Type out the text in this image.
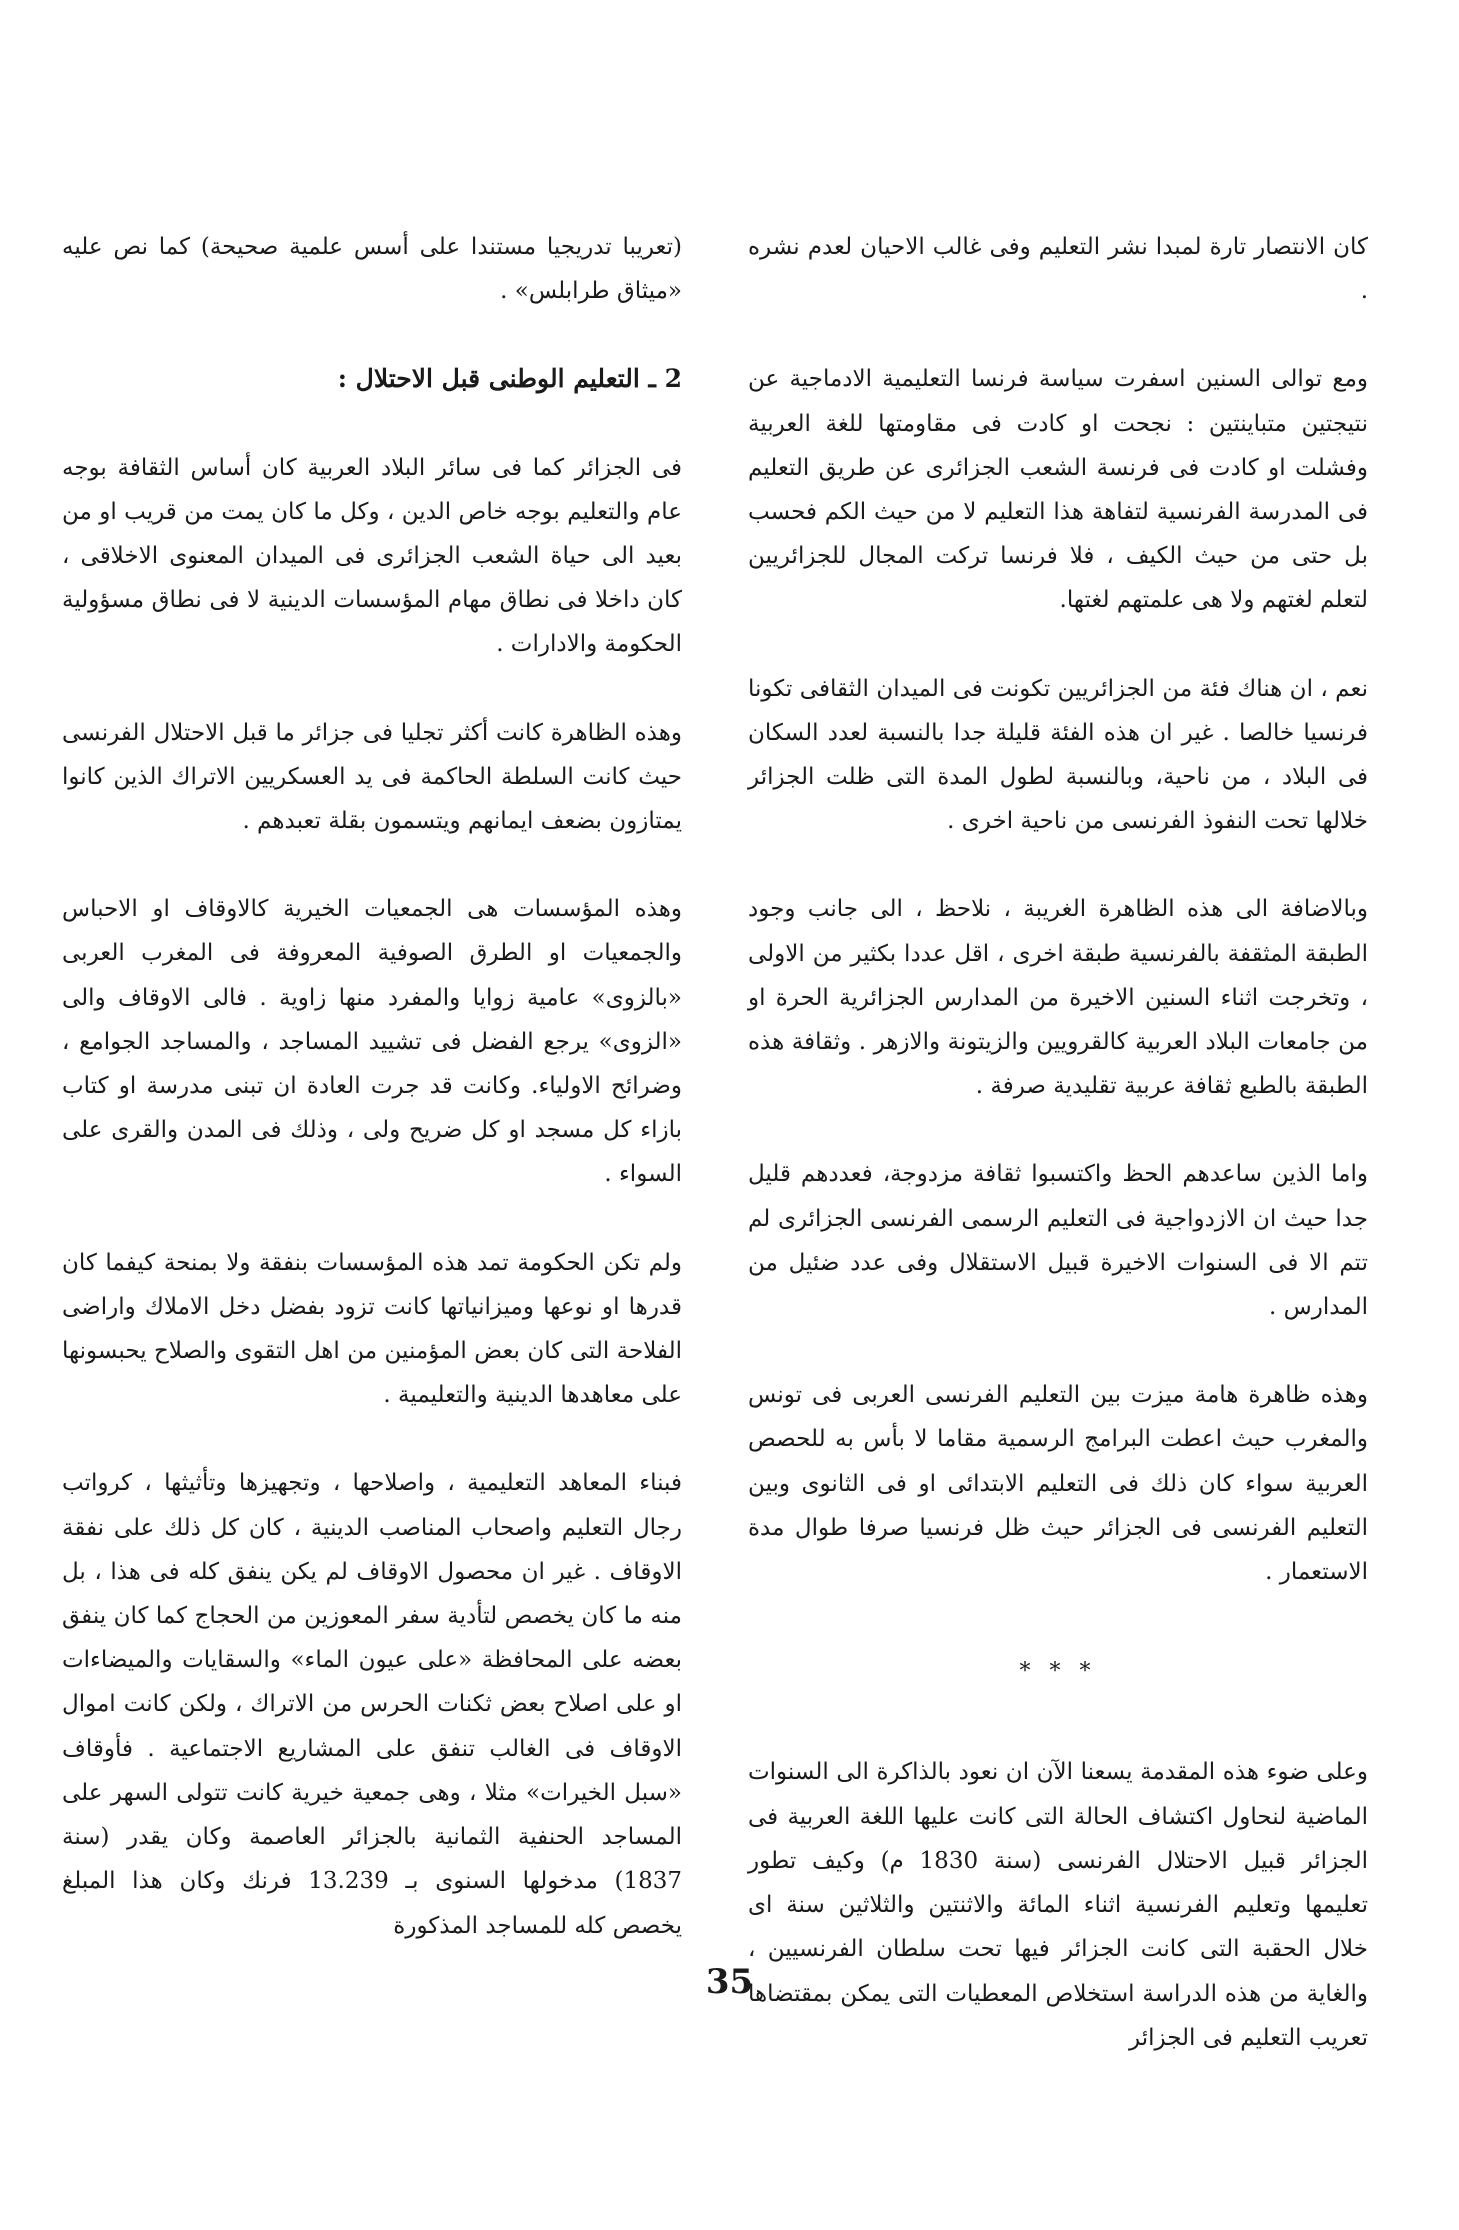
كان الانتصار تارة لمبدا نشر التعليم وفى غالب الاحيان لعدم نشره .

ومع توالى السنين اسفرت سياسة فرنسا التعليمية الادماجية عن نتيجتين متباينتين : نجحت او كادت فى مقاومتها للغة العربية وفشلت او كادت فى فرنسة الشعب الجزائرى عن طريق التعليم فى المدرسة الفرنسية لتفاهة هذا التعليم لا من حيث الكم فحسب بل حتى من حيث الكيف ، فلا فرنسا تركت المجال للجزائريين لتعلم لغتهم ولا هى علمتهم لغتها.

نعم ، ان هناك فئة من الجزائريين تكونت فى الميدان الثقافى تكونا فرنسيا خالصا . غير ان هذه الفئة قليلة جدا بالنسبة لعدد السكان فى البلاد ، من ناحية، وبالنسبة لطول المدة التى ظلت الجزائر خلالها تحت النفوذ الفرنسى من ناحية اخرى .

وبالاضافة الى هذه الظاهرة الغريبة ، نلاحظ ، الى جانب وجود الطبقة المثقفة بالفرنسية طبقة اخرى ، اقل عددا بكثير من الاولى ، وتخرجت اثناء السنين الاخيرة من المدارس الجزائرية الحرة او من جامعات البلاد العربية كالقرويين والزيتونة والازهر . وثقافة هذه الطبقة بالطبع ثقافة عربية تقليدية صرفة .

واما الذين ساعدهم الحظ واكتسبوا ثقافة مزدوجة، فعددهم قليل جدا حيث ان الازدواجية فى التعليم الرسمى الفرنسى الجزائرى لم تتم الا فى السنوات الاخيرة قبيل الاستقلال وفى عدد ضئيل من المدارس .

وهذه ظاهرة هامة ميزت بين التعليم الفرنسى العربى فى تونس والمغرب حيث اعطت البرامج الرسمية مقاما لا بأس به للحصص العربية سواء كان ذلك فى التعليم الابتدائى او فى الثانوى وبين التعليم الفرنسى فى الجزائر حيث ظل فرنسيا صرفا طوال مدة الاستعمار .

* * *

وعلى ضوء هذه المقدمة يسعنا الآن ان نعود بالذاكرة الى السنوات الماضية لنحاول اكتشاف الحالة التى كانت عليها اللغة العربية فى الجزائر قبيل الاحتلال الفرنسى (سنة 1830 م) وكيف تطور تعليمها وتعليم الفرنسية اثناء المائة والاثنتين والثلاثين سنة اى خلال الحقبة التى كانت الجزائر فيها تحت سلطان الفرنسيين ، والغاية من هذه الدراسة استخلاص المعطيات التى يمكن بمقتضاها تعريب التعليم فى الجزائر

(تعريبا تدريجيا مستندا على أسس علمية صحيحة) كما نص عليه «ميثاق طرابلس» .

2 ـ التعليم الوطنى قبل الاحتلال :

فى الجزائر كما فى سائر البلاد العربية كان أساس الثقافة بوجه عام والتعليم بوجه خاص الدين ، وكل ما كان يمت من قريب او من بعيد الى حياة الشعب الجزائرى فى الميدان المعنوى الاخلاقى ، كان داخلا فى نطاق مهام المؤسسات الدينية لا فى نطاق مسؤولية الحكومة والادارات .

وهذه الظاهرة كانت أكثر تجليا فى جزائر ما قبل الاحتلال الفرنسى حيث كانت السلطة الحاكمة فى يد العسكريين الاتراك الذين كانوا يمتازون بضعف ايمانهم ويتسمون بقلة تعبدهم .

وهذه المؤسسات هى الجمعيات الخيرية كالاوقاف او الاحباس والجمعيات او الطرق الصوفية المعروفة فى المغرب العربى «بالزوى» عامية زوايا والمفرد منها زاوية . فالى الاوقاف والى «الزوى» يرجع الفضل فى تشييد المساجد ، والمساجد الجوامع ، وضرائح الاولياء. وكانت قد جرت العادة ان تبنى مدرسة او كتاب بازاء كل مسجد او كل ضريح ولى ، وذلك فى المدن والقرى على السواء .

ولم تكن الحكومة تمد هذه المؤسسات بنفقة ولا بمنحة كيفما كان قدرها او نوعها وميزانياتها كانت تزود بفضل دخل الاملاك واراضى الفلاحة التى كان بعض المؤمنين من اهل التقوى والصلاح يحبسونها على معاهدها الدينية والتعليمية .

فبناء المعاهد التعليمية ، واصلاحها ، وتجهيزها وتأثيثها ، كرواتب رجال التعليم واصحاب المناصب الدينية ، كان كل ذلك على نفقة الاوقاف . غير ان محصول الاوقاف لم يكن ينفق كله فى هذا ، بل منه ما كان يخصص لتأدية سفر المعوزين من الحجاج كما كان ينفق بعضه على المحافظة «على عيون الماء» والسقايات والميضاءات او على اصلاح بعض ثكنات الحرس من الاتراك ، ولكن كانت اموال الاوقاف فى الغالب تنفق على المشاريع الاجتماعية . فأوقاف «سبل الخيرات» مثلا ، وهى جمعية خيرية كانت تتولى السهر على المساجد الحنفية الثمانية بالجزائر العاصمة وكان يقدر (سنة 1837) مدخولها السنوى بـ 13.239 فرنك وكان هذا المبلغ يخصص كله للمساجد المذكورة

35
